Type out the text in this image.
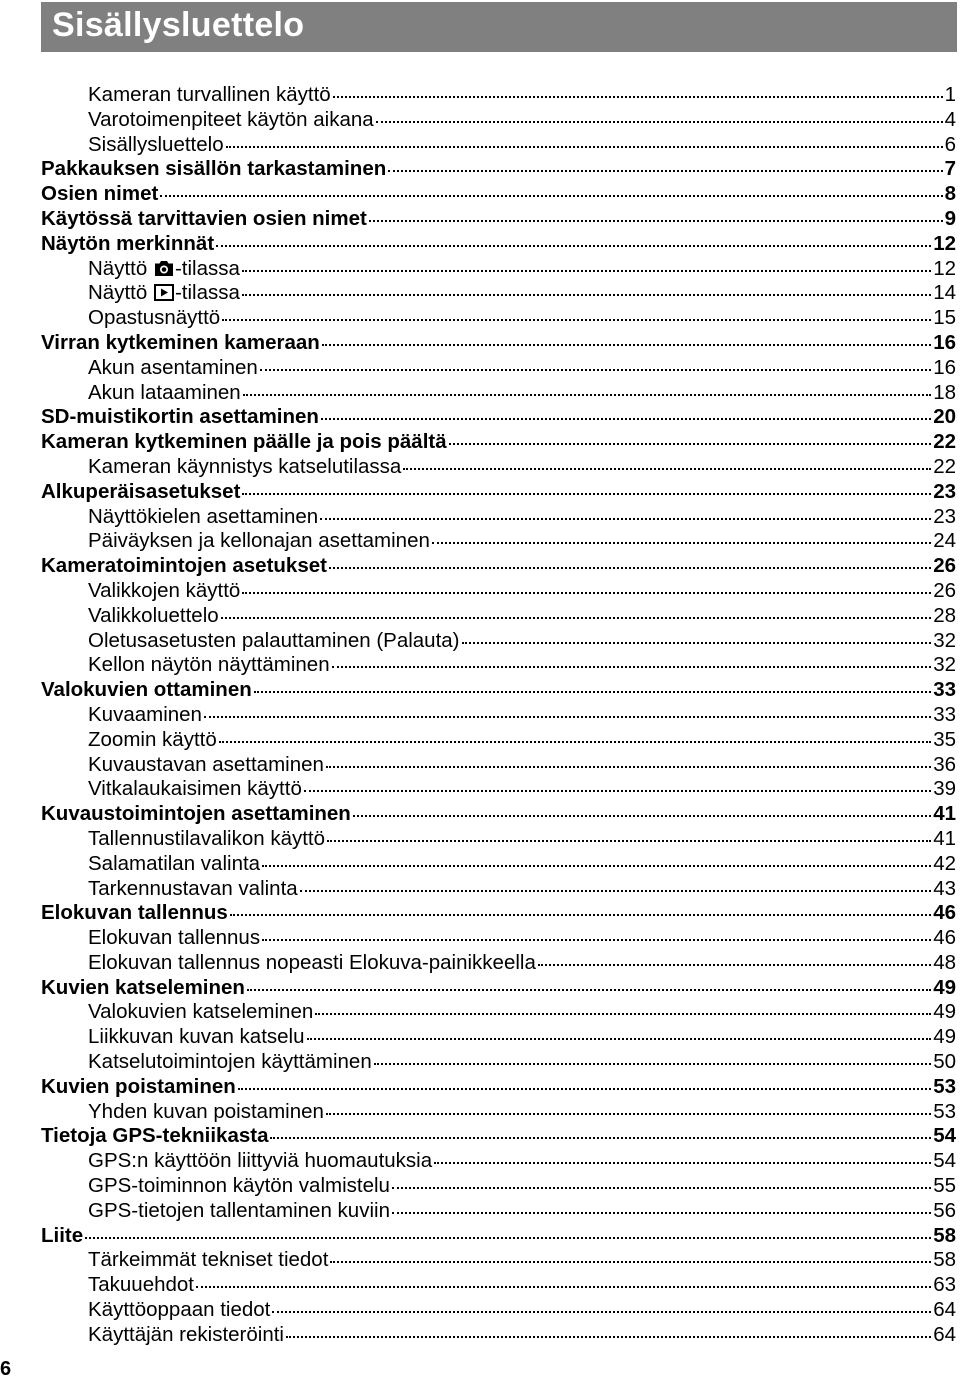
Sisällysluettelo
Kameran turvallinen käyttö	1
Varotoimenpiteet käytön aikana	4
Sisällysluettelo	6
Pakkauksen sisällön tarkastaminen	7
Osien nimet	8
Käytössä tarvittavien osien nimet	9
Näytön merkinnät	12
Näyttö -tilassa	12
Näyttö -tilassa	14
Opastusnäyttö	15
Virran kytkeminen kameraan	16
Akun asentaminen	16
Akun lataaminen	18
SD-muistikortin asettaminen	20
Kameran kytkeminen päälle ja pois päältä	22
Kameran käynnistys katselutilassa	22
Alkuperäisasetukset	23
Näyttökielen asettaminen	23
Päiväyksen ja kellonajan asettaminen	24
Kameratoimintojen asetukset	26
Valikkojen käyttö	26
Valikkoluettelo	28
Oletusasetusten palauttaminen (Palauta)	32
Kellon näytön näyttäminen	32
Valokuvien ottaminen	33
Kuvaaminen	33
Zoomin käyttö	35
Kuvaustavan asettaminen	36
Vitkalaukaisimen käyttö	39
Kuvaustoimintojen asettaminen	41
Tallennustilavalikon käyttö	41
Salamatilan valinta	42
Tarkennustavan valinta	43
Elokuvan tallennus	46
Elokuvan tallennus	46
Elokuvan tallennus nopeasti Elokuva-painikkeella	48
Kuvien katseleminen	49
Valokuvien katseleminen	49
Liikkuvan kuvan katselu	49
Katselutoimintojen käyttäminen	50
Kuvien poistaminen	53
Yhden kuvan poistaminen	53
Tietoja GPS-tekniikasta	54
GPS:n käyttöön liittyviä huomautuksia	54
GPS-toiminnon käytön valmistelu	55
GPS-tietojen tallentaminen kuviin	56
Liite	58
Tärkeimmät tekniset tiedot	58
Takuuehdot	63
Käyttöoppaan tiedot	64
Käyttäjän rekisteröinti	64
6
